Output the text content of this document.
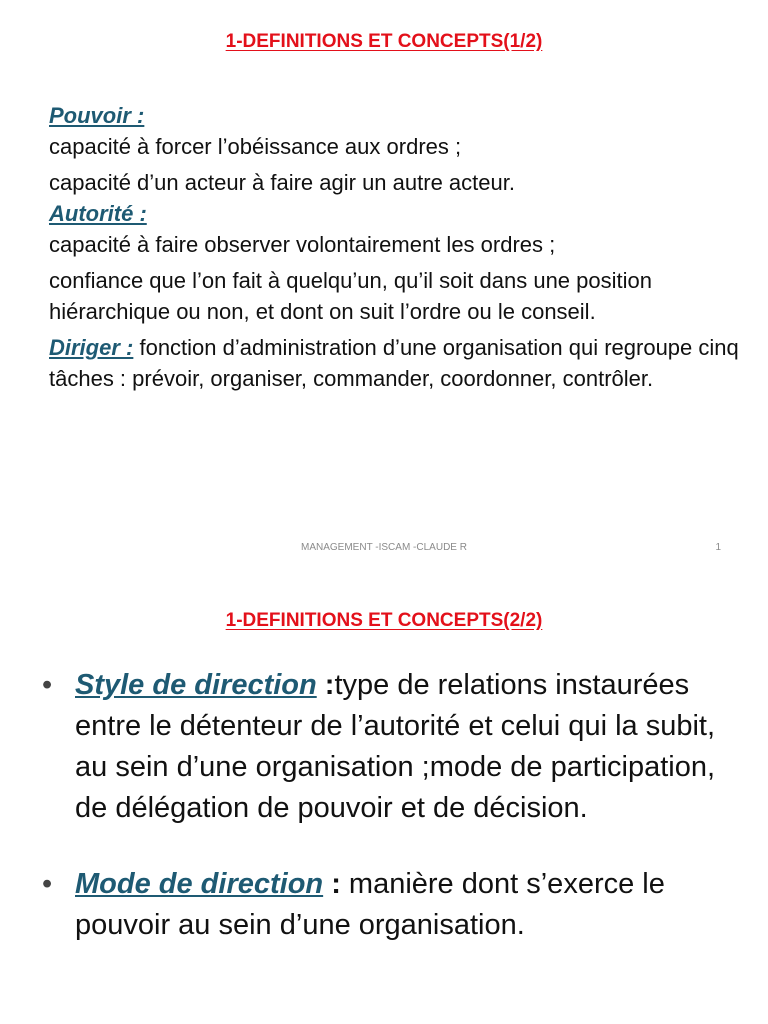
1-DEFINITIONS ET CONCEPTS(1/2)

Pouvoir :

capacité à forcer l’obéissance aux ordres ;

capacité d’un acteur à faire agir un autre acteur.

Autorité :

capacité à faire observer volontairement les ordres ;

confiance que l’on fait à quelqu’un, qu’il soit dans une position hiérarchique ou non, et dont on suit l’ordre ou le conseil.

Diriger : fonction d’administration d’une organisation qui regroupe cinq tâches : prévoir, organiser, commander, coordonner, contrôler.

MANAGEMENT -ISCAM -CLAUDE R	1
1-DEFINITIONS ET CONCEPTS(2/2)
• Style de direction :type de relations instaurées entre le détenteur de l’autorité et celui qui la subit, au sein d’une organisation ;mode de participation, de délégation de pouvoir et de décision.
• Mode de direction : manière dont s’exerce le pouvoir au sein d’une organisation.
